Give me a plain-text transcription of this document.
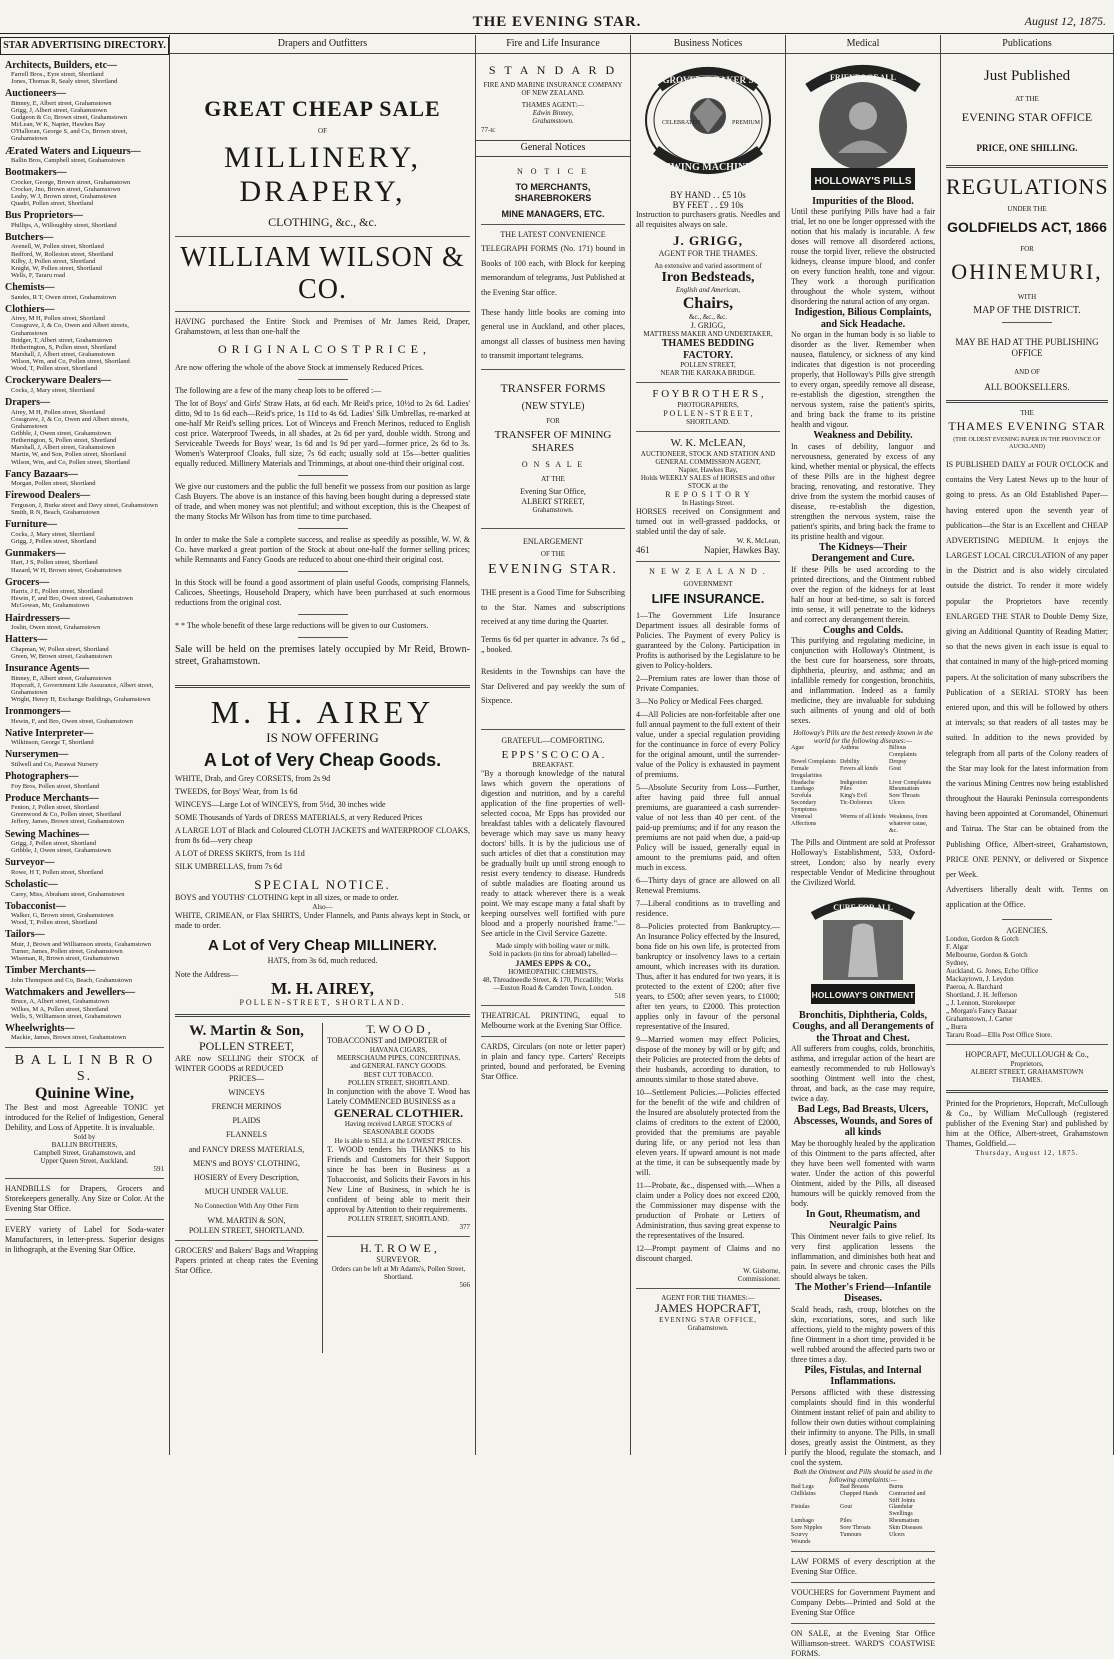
THE EVENING STAR.	August 12, 1875.
STAR ADVERTISING DIRECTORY.
Architects, Builders, etc—
Farrell Bros., Eyre street, Shortland
Jones, Thomas R, Sealy street, Shortland
Auctioneers—
Binney, E, Albert street, Grahamstown
Grigg, J, Albert street, Grahamstown
Gudgeon & Co, Brown street, Grahamstown
McLean, W K, Napier, Hawkes Bay
O'Halloran, George S, and Co, Brown street, Grahamstown
Ærated Waters and Liqueurs—
Ballin Bros, Campbell street, Grahamstown
Bootmakers—
Crocker, George, Brown street, Grahamstown
Crocker, Jno, Brown street, Grahamstown
Leahy, W J, Brown street, Grahamstown
Quadri, Pollen street, Shortland
Bus Proprietors—
Phillips, A, Willoughby street, Shortland
Butchers—
Avenell, W, Pollen street, Shortland
Bedford, W, Rolleston street, Shortland
Kilby, J, Pollen street, Shortland
Knight, W, Pollen street, Shortland
Wells, F, Tararu road
Chemists—
Sandes, R T, Owen street, Grahamstown
Clothiers—
Airey, M H, Pollen street, Shortland
Cossgrave, J, & Co, Owen and Albert streets, Grahamstown
Bridger, T, Albert street, Grahamstown
Hetherington, S, Pollen street, Shortland
Marshall, J, Albert street, Grahamstown
Wilson, Wm, and Co, Pollen street, Shortland
Wood, T, Pollen street, Shortland
Crockeryware Dealers—
Cocks, J, Mary street, Shortland
Drapers—
Airey, M H, Pollen street, Shortland
Cossgrave, J, & Co, Owen and Albert streets, Grahamstown
Gribble, J, Owen street, Grahamstown
Hetherington, S, Pollen street, Shortland
Marshall, J, Albert street, Grahamstown
Martin, W, and Son, Pollen street, Shortland
Wilson, Wm, and Co, Pollen street, Shortland
Fancy Bazaars—
Morgan, Pollen street, Shortland
Firewood Dealers—
Ferguson, J, Burke street and Davy street, Grahamstown
Smith, R N, Beach, Grahamstown
Furniture—
Cocks, J, Mary street, Shortland
Grigg, J, Pollen street, Shortland
Gunmakers—
Hart, J S, Pollen street, Shortland
Hazard, W H, Brown street, Grahamstown
Grocers—
Harris, J E, Pollen street, Shortland
Hewin, F, and Bro, Owen street, Grahamstown
McGowan, Mr, Grahamstown
Hairdressers—
Joslin, Owen street, Grahamstown
Hatters—
Chapman, W, Pollen street, Shortland
Green, W, Brown street, Grahamstown
Insurance Agents—
Binney, E, Albert street, Grahamstown
Hopcraft, J, Government Life Assurance, Albert street, Grahamstown
Wright, Henry H, Exchange Buildings, Grahamstown
Ironmongers—
Hewin, F, and Bro, Owen street, Grahamstown
Native Interpreter—
Wilkinson, George T, Shortland
Nurserymen—
Stilwell and Co, Parawai Nursery
Photographers—
Foy Bros, Pollen street, Shortland
Produce Merchants—
Fenton, J, Pollen street, Shortland
Greenwood & Co, Pollen street, Shortland
Jeffery, James, Brown street, Grahamstown
Sewing Machines—
Grigg, J, Pollen street, Shortland
Gribble, J, Owen street, Grahamstown
Surveyor—
Rowe, H T, Pollen street, Shortland
Scholastic—
Carey, Miss, Abraham street, Grahamstown
Tobacconist—
Walker, G, Brown street, Grahamstown
Wood, T, Pollen street, Shortland
Tailors—
Muir, J, Brown and Williamson streets, Grahamstown
Turner, James, Pollen street, Grahamstown
Wiseman, R, Brown street, Grahamstown
Timber Merchants—
John Thompson and Co, Beach, Grahamstown
Watchmakers and Jewellers—
Bruce, A, Albert street, Grahamstown
Wilkes, M A, Pollen street, Shortland
Wells, S, Williamson street, Grahamstown
Wheelwrights—
Mackie, James, Brown street, Grahamstown
B A L L I N B R O S.
Quinine Wine,
The Best and most Agreeable TONIC yet introduced for the Relief of Indigestion, General Debility, and Loss of Appetite. It is invaluable.
Sold by
BALLIN BROTHERS,
Campbell Street, Grahamstown, and
Upper Queen Street, Auckland.
591
HANDBILLS for Drapers, Grocers and Storekeepers generally. Any Size or Color. At the Evening Star Office.
EVERY variety of Label for Soda-water Manufacturers, in letter-press. Superior designs in lithograph, at the Evening Star Office.
Drapers and Outfitters
GREAT CHEAP SALE
OF
MILLINERY, DRAPERY,
CLOTHING, &c., &c.
WILLIAM WILSON & CO.
HAVING purchased the Entire Stock and Premises of Mr James Reid, Draper, Grahamstown, at less than one-half the
O R I G I N A L C O S T P R I C E ,
Are now offering the whole of the above Stock at immensely Reduced Prices.
The following are a few of the many cheap lots to be offered :—
The lot of Boys' and Girls' Straw Hats, at 6d each. Mr Reid's price, 10½d to 2s 6d. Ladies' ditto, 9d to 1s 6d each—Reid's price, 1s 11d to 4s 6d. Ladies' Silk Umbrellas, re-marked at one-half Mr Reid's selling prices. Lot of Winceys and French Merinos, reduced to English cost price. Waterproof Tweeds, in all shades, at 2s 6d per yard, double width. Strong and Serviceable Tweeds for Boys' wear, 1s 6d and 1s 9d per yard—former price, 2s 6d to 3s. Women's Waterproof Cloaks, full size, 7s 6d each; usually sold at 15s—better qualities equally reduced. Millinery Materials and Trimmings, at about one-third their original cost.
We give our customers and the public the full benefit we possess from our position as large Cash Buyers. The above is an instance of this having been bought during a depressed state of trade, and when money was not plentiful; and without exception, this is the Cheapest of the many Stocks Mr Wilson has from time to time purchased.
In order to make the Sale a complete success, and realise as speedily as possible, W. W. & Co. have marked a great portion of the Stock at about one-half the former selling prices; while Remnants and Fancy Goods are reduced to about one-third their original cost.
In this Stock will be found a good assortment of plain useful Goods, comprising Flannels, Calicoes, Sheetings, Household Drapery, which have been purchased at such enormous reductions from the original cost.
* * The whole benefit of these large reductions will be given to our Customers.
Sale will be held on the premises lately occupied by Mr Reid, Brown-street, Grahamstown.
M. H. AIREY
IS NOW OFFERING
A Lot of Very Cheap Goods.
WHITE, Drab, and Grey CORSETS, from 2s 9d
TWEEDS, for Boys' Wear, from 1s 6d
WINCEYS—Large Lot of WINCEYS, from 5½d, 30 inches wide
SOME Thousands of Yards of DRESS MATERIALS, at very Reduced Prices
A LARGE LOT of Black and Coloured CLOTH JACKETS and WATERPROOF CLOAKS, from 8s 6d—very cheap
A LOT of DRESS SKIRTS, from 1s 11d
SILK UMBRELLAS, from 7s 6d
SPECIAL NOTICE.
BOYS and YOUTHS' CLOTHING kept in all sizes, or made to order.
Also—
WHITE, CRIMEAN, or Flax SHIRTS, Under Flannels, and Pants always kept in Stock, or made to order.
A Lot of Very Cheap MILLINERY.
HATS, from 3s 6d, much reduced.
Note the Address—
M. H. AIREY,
POLLEN-STREET, SHORTLAND.
W. Martin & Son,
POLLEN STREET,
ARE now SELLING their STOCK of WINTER GOODS at REDUCED
PRICES—
WINCEYS
FRENCH MERINOS
PLAIDS
FLANNELS
and FANCY DRESS MATERIALS,
MEN'S and BOYS' CLOTHING,
HOSIERY of Every Description,
MUCH UNDER VALUE.
No Connection With Any Other Firm
WM. MARTIN & SON,
POLLEN STREET, SHORTLAND.
GROCERS' and Bakers' Bags and Wrapping Papers printed at cheap rates the Evening Star Office.
T. W O O D ,
TOBACCONIST and IMPORTER of
HAVANA CIGARS,
MEERSCHAUM PIPES, CONCERTINAS,
and GENERAL FANCY GOODS.
BEST CUT TOBACCO.
POLLEN STREET, SHORTLAND.
In conjunction with the above T. Wood has Lately COMMENCED BUSINESS as a
GENERAL CLOTHIER.
Having received LARGE STOCKS of SEASONABLE GOODS
He is able to SELL at the LOWEST PRICES.
T. WOOD tenders his THANKS to his Friends and Customers for their Support since he has been in Business as a Tobacconist, and Solicits their Favors in his New Line of Business, in which he is confident of being able to merit their approval by Attention to their requirements.
POLLEN STREET, SHORTLAND.
377
H. T. R O W E ,
SURVEYOR.
Orders can be left at Mr Adams's, Pollen Street, Shortland.
566
Fire and Life Insurance
S T A N D A R D
FIRE AND MARINE INSURANCE COMPANY OF NEW ZEALAND.
THAMES AGENT:—
Edwin Binney,
Grahamstown.
77-tc
General Notices
N O T I C E
TO MERCHANTS, SHAREBROKERS
MINE MANAGERS, ETC.
THE LATEST CONVENIENCE
TELEGRAPH FORMS (No. 171) bound in Books of 100 each, with Block for keeping memorandum of telegrams, Just Published at the Evening Star office.
These handy little books are coming into general use in Auckland, and other places, amongst all classes of business men having to transmit important telegrams.
TRANSFER FORMS
(NEW STYLE)
FOR
TRANSFER OF MINING SHARES
O N S A L E
AT THE
Evening Star Office,
ALBERT STREET,
Grahamstown.
ENLARGEMENT
OF THE
EVENING STAR.
THE present is a Good Time for Subscribing to the Star. Names and subscriptions received at any time during the Quarter.
Terms 6s 6d per quarter in advance. 7s 6d „ „ booked.
Residents in the Townships can have the Star Delivered and pay weekly the sum of Sixpence.
GRATEFUL—COMFORTING.
E P P S ' S C O C O A .
BREAKFAST.
"By a thorough knowledge of the natural laws which govern the operations of digestion and nutrition, and by a careful application of the fine properties of well-selected cocoa, Mr Epps has provided our breakfast tables with a delicately flavoured beverage which may save us many heavy doctors' bills. It is by the judicious use of such articles of diet that a constitution may be gradually built up until strong enough to resist every tendency to disease. Hundreds of subtle maladies are floating around us ready to attack wherever there is a weak point. We may escape many a fatal shaft by keeping ourselves well fortified with pure blood and a properly nourished frame."—See article in the Civil Service Gazette.
Made simply with boiling water or milk.
Sold in packets (in tins for abroad) labelled—
JAMES EPPS & CO.,
HOMŒOPATHIC CHEMISTS,
48, Threadneedle Street, & 170, Piccadilly; Works—Euston Road & Camden Town, London.
518
THEATRICAL PRINTING, equal to Melbourne work at the Evening Star Office.
CARDS, Circulars (on note or letter paper) in plain and fancy type. Carters' Receipts printed, bound and perforated, be Evening Star Office.
Business Notices
GROVER & BAKER'S
SEWING MACHINES
CELEBRATED	PREMIUM
BY HAND . . £5 10s
BY FEET . . £9 10s
Instruction to purchasers gratis. Needles and all requisites always on sale.
J. GRIGG,
AGENT FOR THE THAMES.
An extensive and varied assortment of
Iron Bedsteads,
English and American,
Chairs,
&c., &c., &c.
J. GRIGG,
MATTRESS MAKER AND UNDERTAKER,
THAMES BEDDING FACTORY.
POLLEN STREET,
NEAR THE KARAKA BRIDGE.
F O Y B R O T H E R S ,
PHOTOGRAPHERS,
P O L L E N - S T R E E T ,
SHORTLAND.
W. K. McLEAN,
AUCTIONEER, STOCK AND STATION AND GENERAL COMMISSION AGENT,
Napier, Hawkes Bay,
Holds WEEKLY SALES of HORSES and other STOCK at the
R E P O S I T O R Y
In Hastings Street.
HORSES received on Consignment and turned out in well-grassed paddocks, or stabled until the day of sale.
W. K. McLean,
461	Napier, Hawkes Bay.
N E W Z E A L A N D .
GOVERNMENT
LIFE INSURANCE.
1—The Government Life Insurance Department issues all desirable forms of Policies. The Payment of every Policy is guaranteed by the Colony. Participation in Profits is authorised by the Legislature to be given to Policy-holders.
2—Premium rates are lower than those of Private Companies.
3—No Policy or Medical Fees charged.
4—All Policies are non-forfeitable after one full annual payment to the full extent of their value, under a special regulation providing for the continuance in force of every Policy for the original amount, until the surrender-value of the Policy is exhausted in payment of premiums.
5—Absolute Security from Loss—Further, after having paid three full annual premiums, are guaranteed a cash surrender-value of not less than 40 per cent. of the paid-up premiums; and if for any reason the premiums are not paid when due, a paid-up Policy will be issued, generally equal in amount to the premiums paid, and often much in excess.
6—Thirty days of grace are allowed on all Renewal Premiums.
7—Liberal conditions as to travelling and residence.
8—Policies protected from Bankruptcy.—An Insurance Policy effected by the Insured, bona fide on his own life, is protected from bankruptcy or insolvency laws to a certain amount, which increases with its duration. Thus, after it has endured for two years, it is protected to the extent of £200; after five years, to £500; after seven years, to £1000; after ten years, to £2000. This protection applies only in favour of the personal representative of the Insured.
9—Married women may effect Policies, dispose of the money by will or by gift; and their Policies are protected from the debts of their husbands, according to duration, to amounts similar to those stated above.
10—Settlement Policies.—Policies effected for the benefit of the wife and children of the Insured are absolutely protected from the claims of creditors to the extent of £2000, provided that the premiums are payable during life, or any period not less than eleven years. If upward amount is not made at the time, it can be subsequently made by will.
11—Probate, &c., dispensed with.—When a claim under a Policy does not exceed £200, the Commissioner may dispense with the production of Probate or Letters of Administration, thus saving great expense to the representatives of the Insured.
12—Prompt payment of Claims and no discount charged.
W. Gisborne,
Commissioner.
AGENT FOR THE THAMES:—
JAMES HOPCRAFT,
EVENING STAR OFFICE,
Grahamstown.
Medical
FRIENDS OF ALL
HOLLOWAY'S PILLS
Impurities of the Blood.
Until these purifying Pills have had a fair trial, let no one be longer oppressed with the notion that his malady is incurable. A few doses will remove all disordered actions, rouse the torpid liver, relieve the obstructed kidneys, cleanse impure blood, and confer on every function health, tone and vigour. They work a thorough purification throughout the whole system, without disordering the natural action of any organ.
Indigestion, Bilious Complaints, and Sick Headache.
No organ in the human body is so liable to disorder as the liver. Remember when nausea, flatulency, or sickness of any kind indicates that digestion is not proceeding properly, that Holloway's Pills give strength to every organ, speedily remove all disease, re-establish the digestion, strengthen the nervous system, raise the patient's spirits, and bring back the frame to its pristine health and vigour.
Weakness and Debility.
In cases of debility, languor and nervousness, generated by excess of any kind, whether mental or physical, the effects of these Pills are in the highest degree bracing, renovating, and restorative. They drive from the system the morbid causes of disease, re-establish the digestion, strengthen the nervous system, raise the patient's spirits, and bring back the frame to its pristine health and vigour.
The Kidneys—Their Derangement and Cure.
If these Pills be used according to the printed directions, and the Ointment rubbed over the region of the kidneys for at least half an hour at bed-time, so salt is forced into sense, it will penetrate to the kidneys and correct any derangement therein.
Coughs and Colds.
This purifying and regulating medicine, in conjunction with Holloway's Ointment, is the best cure for hoarseness, sore throats, diphtheria, pleurisy, and asthma; and an infallible remedy for congestion, bronchitis, and inflammation. Indeed as a family medicine, they are invaluable for subduing such ailments of young and old of both sexes.
Holloway's Pills are the best remedy known in the world for the following diseases:—
Ague	Asthma	Bilious Complaints
Bowel Complaints Debility	Dropsy
Female Irregularities
Fevers all kinds	Gout
Headache	Indigestion	Liver Complaints
Lumbago	Piles	Rheumatism
Scrofula	King's Evil	Sore Throats
Secondary Symptoms
Tic-Doloreux	Ulcers
Venereal Affections
Worms of all kinds Weakness, from whatever cause, &c.
The Pills and Ointment are sold at Professor Holloway's Establishment, 533, Oxford-street, London; also by nearly every respectable Vendor of Medicine throughout the Civilized World.
CURE FOR ALL
HOLLOWAY'S OINTMENT
Bronchitis, Diphtheria, Colds, Coughs, and all Derangements of the Throat and Chest.
All sufferers from coughs, colds, bronchitis, asthma, and irregular action of the heart are earnestly recommended to rub Holloway's soothing Ointment well into the chest, throat, and back, as the case may require, twice a day.
Bad Legs, Bad Breasts, Ulcers, Abscesses, Wounds, and Sores of all kinds
May be thoroughly healed by the application of this Ointment to the parts affected, after they have been well fomented with warm water. Under the action of this powerful Ointment, aided by the Pills, all diseased humours will be quickly removed from the body.
In Gout, Rheumatism, and Neuralgic Pains
This Ointment never fails to give relief. Its very first application lessens the inflammation, and diminishes both heat and pain. In severe and chronic cases the Pills should always be taken.
The Mother's Friend—Infantile Diseases.
Scald heads, rash, croup, blotches on the skin, excoriations, sores, and such like affections, yield to the mighty powers of this fine Ointment in a short time, provided it be well rubbed around the affected parts two or three times a day.
Piles, Fistulas, and Internal Inflammations.
Persons afflicted with these distressing complaints should find in this wonderful Ointment instant relief of pain and ability to follow their own duties without complaining their infirmity to anyone. The Pills, in small doses, greatly assist the Ointment, as they purify the blood, regulate the stomach, and cool the system.
Both the Ointment and Pills should be used in the following complaints:—
Bad Legs	Bad Breasts	Burns
Chilblains	Chapped Hands	Contracted and Stiff Joints
Fistulas	Gout	Glandular Swellings
Lumbago	Piles	Rheumatism
Sore Nipples	Sore Throats	Skin Diseases
Scurvy	Tumours	Ulcers
Wounds
LAW FORMS of every description at the Evening Star Office.
VOUCHERS for Government Payment and Company Debts—Printed and Sold at the Evening Star Office
ON SALE, at the Evening Star Office Williamson-street. WARD'S COASTWISE FORMS.
Publications
Just Published
AT THE
EVENING STAR OFFICE
PRICE, ONE SHILLING.
REGULATIONS
UNDER THE
GOLDFIELDS ACT, 1866
FOR
OHINEMURI,
WITH
MAP OF THE DISTRICT.
MAY BE HAD AT THE PUBLISHING OFFICE
AND OF
ALL BOOKSELLERS.
THE
THAMES EVENING STAR
(THE OLDEST EVENING PAPER IN THE PROVINCE OF AUCKLAND)
IS PUBLISHED DAILY at FOUR O'CLOCK and contains the Very Latest News up to the hour of going to press. As an Old Established Paper—having entered upon the seventh year of publication—the Star is an Excellent and CHEAP ADVERTISING MEDIUM. It enjoys the LARGEST LOCAL CIRCULATION of any paper in the District and is also widely circulated outside the district. To render it more widely popular the Proprietors have recently ENLARGED THE STAR to Double Demy Size, giving an Additional Quantity of Reading Matter; so that the news given in each issue is equal to that contained in many of the high-priced morning papers. At the solicitation of many subscribers the Publication of a SERIAL STORY has been entered upon, and this will be followed by others at intervals; so that readers of all tastes may be suited. In addition to the news provided by telegraph from all parts of the Colony readers of the Star may look for the latest information from the various Mining Centres now being established throughout the Hauraki Peninsula correspondents having been appointed at Coromandel, Ohinemuri and Tairua. The Star can be obtained from the Publishing Office, Albert-street, Grahamstown, PRICE ONE PENNY, or delivered or Sixpence per Week.
Advertisers liberally dealt with. Terms on application at the Office.
AGENCIES.
London, Gordon & Gotch
F. Algar
Melbourne, Gordon & Gotch
Sydney,
Auckland, G. Jones, Echo Office
Mackaytown, J. Leydon
Paeroa, A. Barchard
Shortland, J. H. Jefferson
„ J. Lennon, Storekeeper
„ Morgan's Fancy Bazaar
Grahamstown, J. Carter
„ Burra
Tararu Road—Ellis Post Office Store.
HOPCRAFT, McCULLOUGH & Co.,
Proprietors,
ALBERT STREET, GRAHAMSTOWN
THAMES.
Printed for the Proprietors, Hopcraft, McCullough & Co., by William McCullough (registered publisher of the Evening Star) and published by him at the Office, Albert-street, Grahamstown Thames, Goldfield.—
Thursday, August 12, 1875.
